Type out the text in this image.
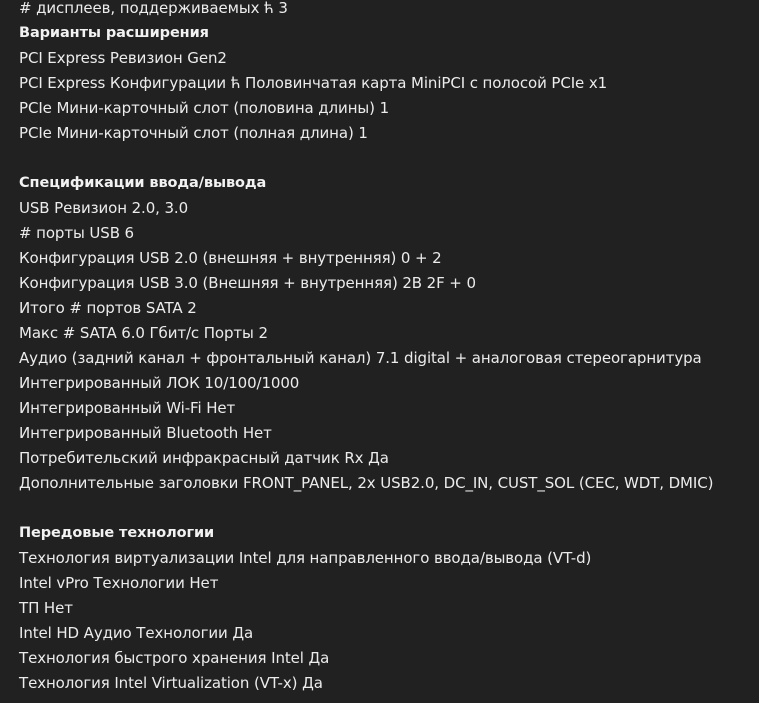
# дисплеев, поддерживаемых ћ 3
Варианты расширения
PCI Express Ревизион Gen2
PCI Express Конфигурации ћ Половинчатая карта MiniPCI с полосой PCIe x1
PCIe Мини-карточный слот (половина длины) 1
PCIe Мини-карточный слот (полная длина) 1
Спецификации ввода/вывода
USB Ревизион 2.0, 3.0
# порты USB 6
Конфигурация USB 2.0 (внешняя + внутренняя) 0 + 2
Конфигурация USB 3.0 (Внешняя + внутренняя) 2B 2F + 0
Итого # портов SATA 2
Макс # SATA 6.0 Гбит/с Порты 2
Аудио (задний канал + фронтальный канал) 7.1 digital + аналоговая стереогарнитура
Интегрированный ЛОК 10/100/1000
Интегрированный Wi-Fi Нет
Интегрированный Bluetooth Нет
Потребительский инфракрасный датчик Rx Да
Дополнительные заголовки FRONT_PANEL, 2x USB2.0, DC_IN, CUST_SOL (CEC, WDT, DMIC)
Передовые технологии
Технология виртуализации Intel для направленного ввода/вывода (VT-d)
Intel vPro Технологии Нет
ТП Нет
Intel HD Аудио Технологии Да
Технология быстрого хранения Intel Да
Технология Intel Virtualization (VT-x) Да
